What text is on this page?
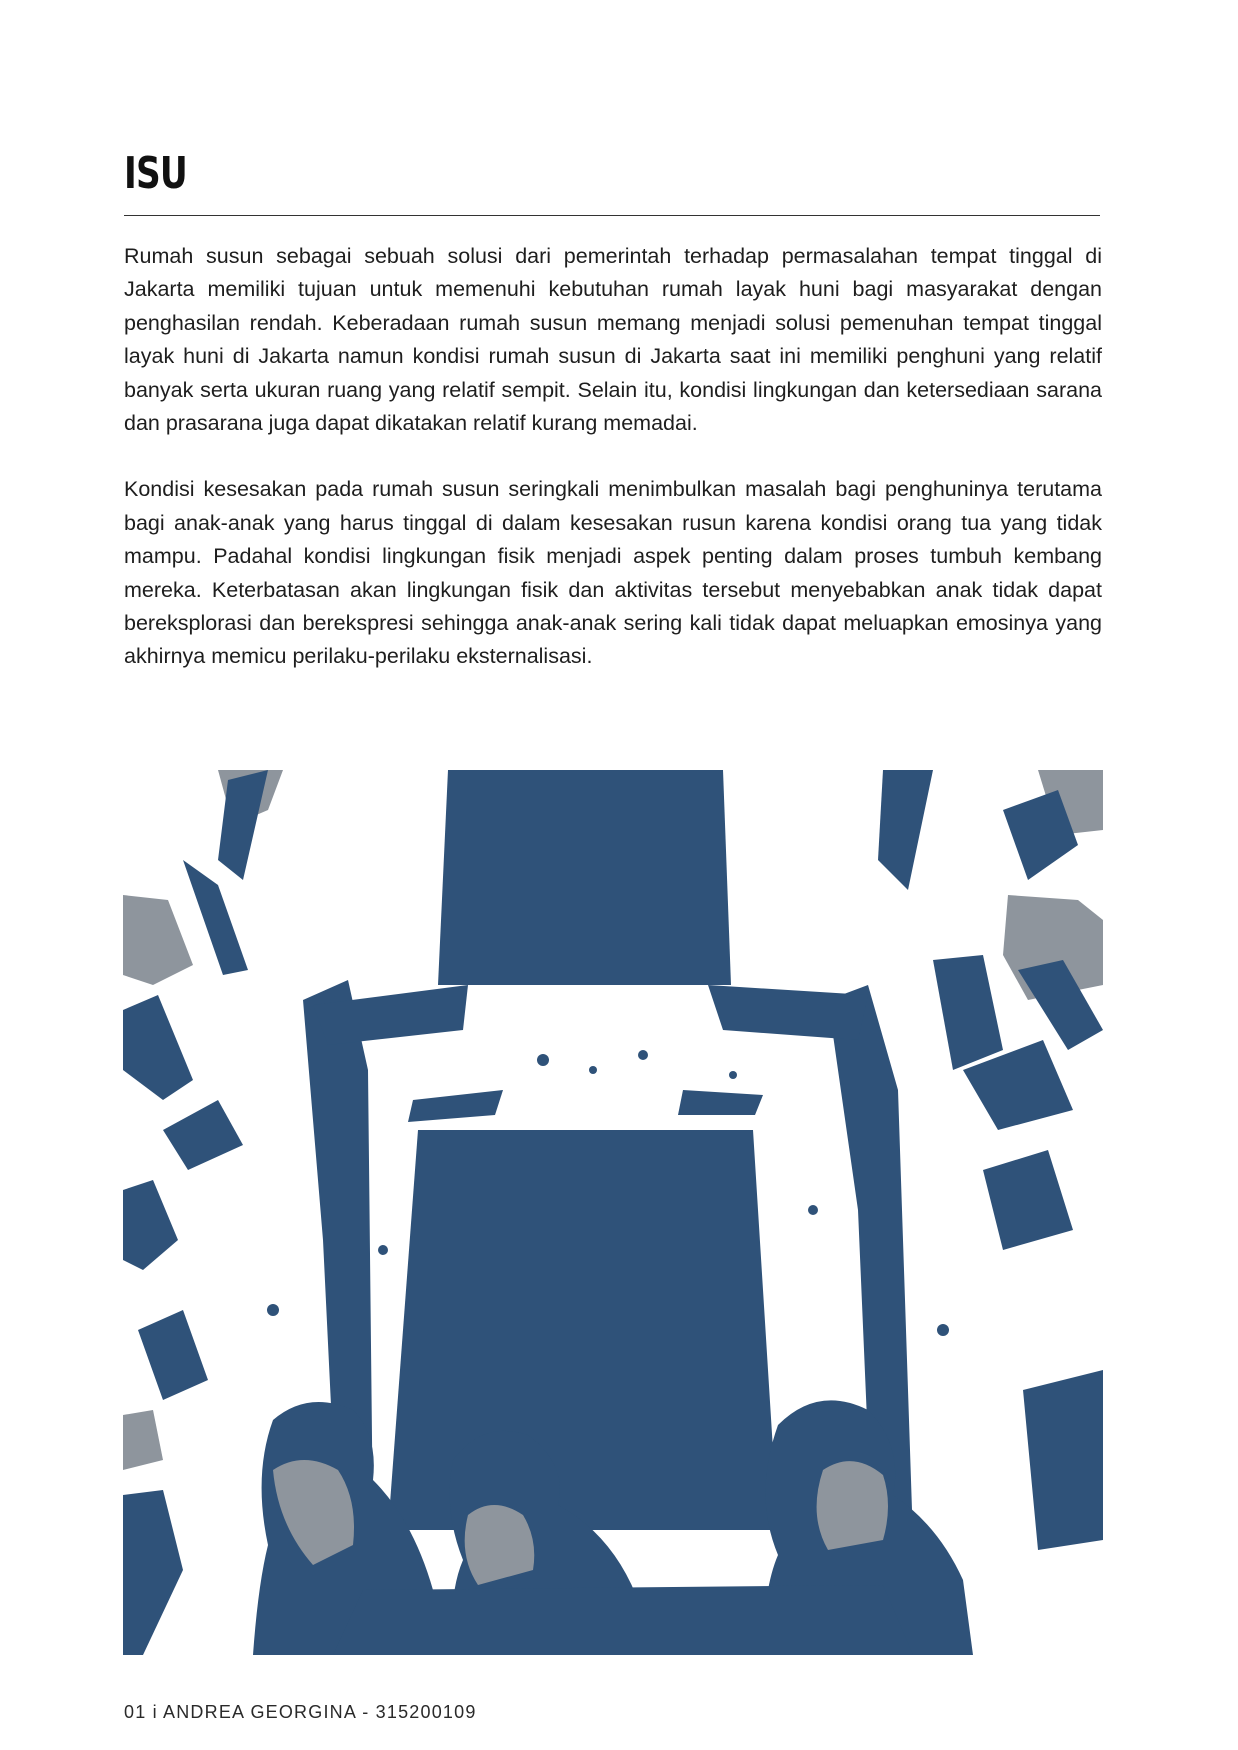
ISU

Rumah susun sebagai sebuah solusi dari pemerintah terhadap permasalahan tempat tinggal di Jakarta memiliki tujuan untuk memenuhi kebutuhan rumah layak huni bagi masyarakat dengan penghasilan rendah. Keberadaan rumah susun memang menjadi solusi pemenuhan tempat tinggal layak huni di Jakarta namun kondisi rumah susun di Jakarta saat ini memiliki penghuni yang relatif banyak serta ukuran ruang yang relatif sempit. Selain itu, kondisi lingkungan dan ketersediaan sarana dan prasarana juga dapat dikatakan relatif kurang memadai.

Kondisi kesesakan pada rumah susun seringkali menimbulkan masalah bagi penghuninya terutama bagi anak-anak yang harus tinggal di dalam kesesakan rusun karena kondisi orang tua yang tidak mampu. Padahal kondisi lingkungan fisik menjadi aspek penting dalam proses tumbuh kembang mereka. Keterbatasan akan lingkungan fisik dan aktivitas tersebut menyebabkan anak tidak dapat bereksplorasi dan berekspresi sehingga anak-anak sering kali tidak dapat meluapkan emosinya yang akhirnya memicu perilaku-perilaku eksternalisasi.

01 i ANDREA GEORGINA - 315200109
